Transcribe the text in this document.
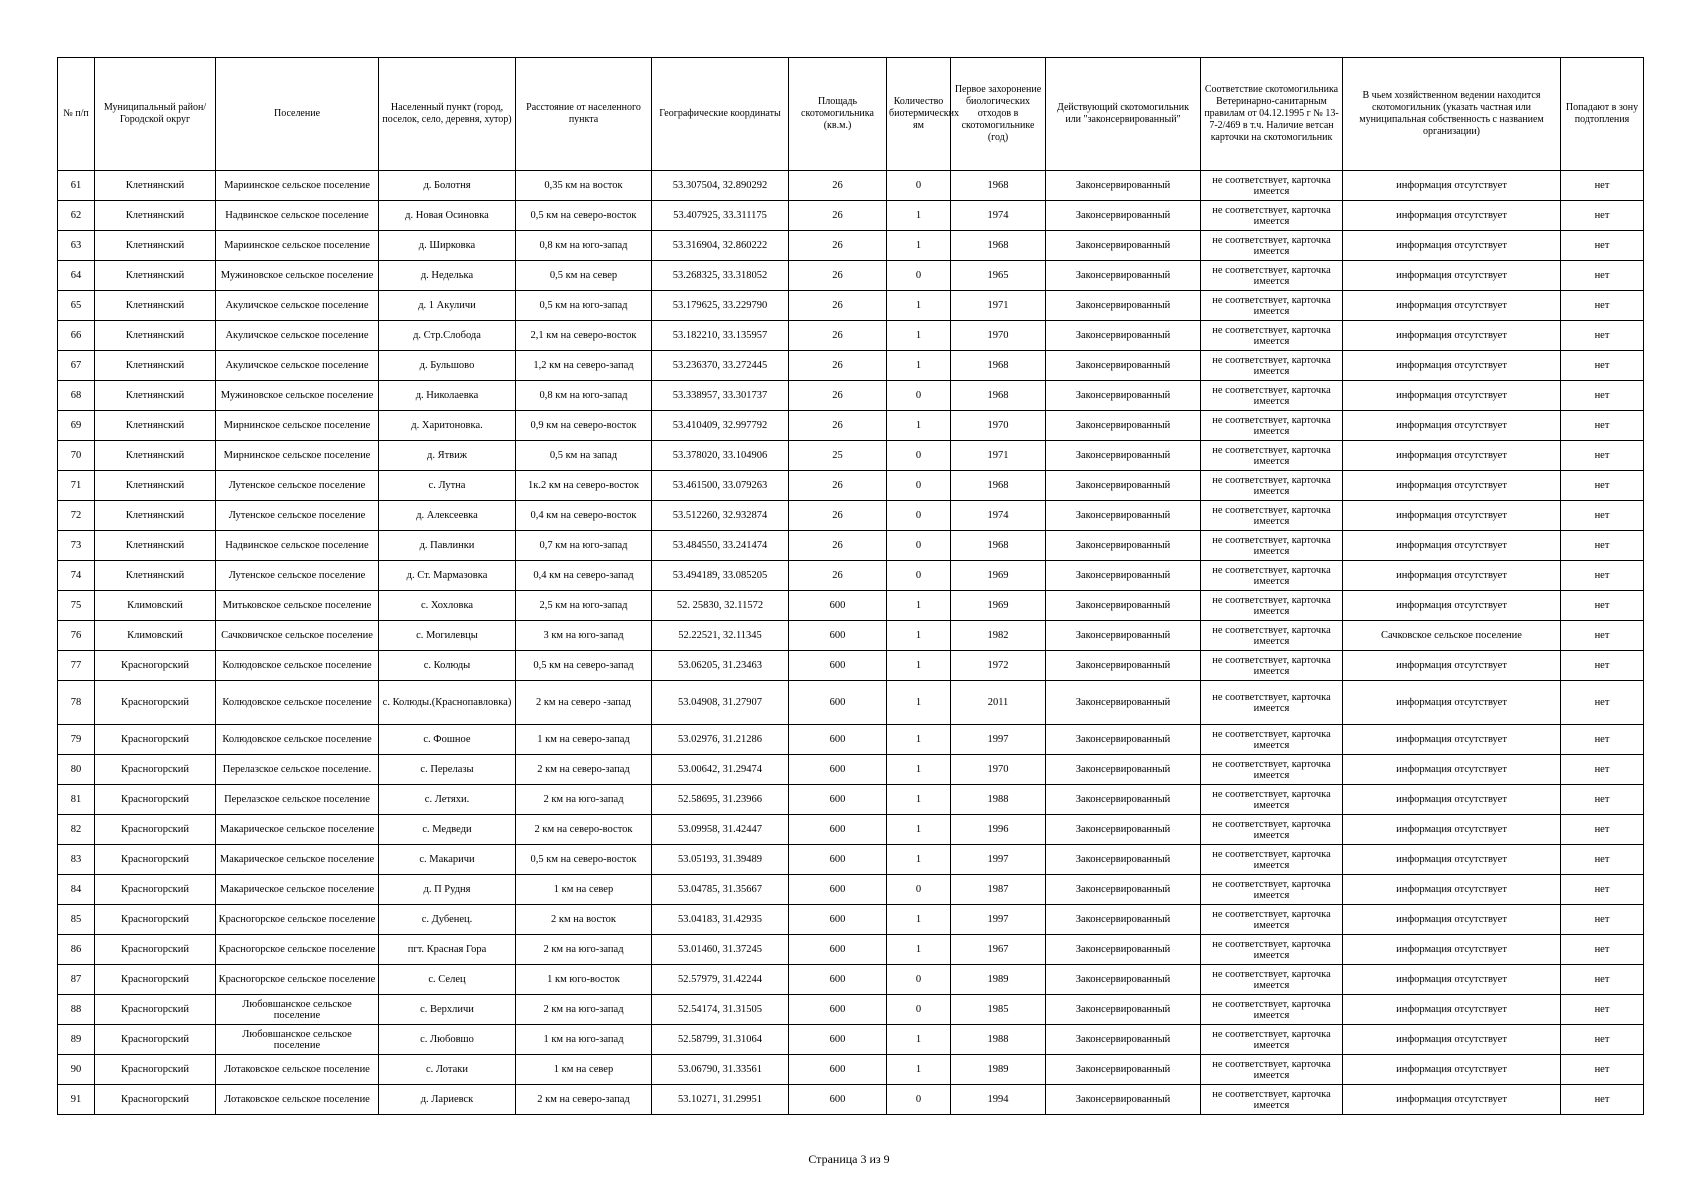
№ п/п	Муниципальный район/Городской округ	Поселение	Населенный пункт (город, поселок, село, деревня, хутор)	Расстояние от населенного пункта	Географические координаты	Площадь скотомогильника (кв.м.)	Количество биотермических ям	Первое захоронение биологических отходов в скотомогильнике (год)	Действующий скотомогильник или "законсервированный"	Соответствие скотомогильника Ветеринарно-санитарным правилам от 04.12.1995 г № 13-7-2/469 в т.ч. Наличие ветсан карточки на скотомогильник	В чьем хозяйственном ведении находится скотомогильник (указать частная или муниципальная собственность с названием организации)	Попадают в зону подтопления
61	Клетнянский	Мариинское сельское поселение	д. Болотня	0,35 км на восток	53.307504, 32.890292	26	0	1968	Законсервированный	не соответствует, карточка имеется	информация отсутствует	нет
62	Клетнянский	Надвинское сельское поселение	д. Новая Осиновка	0,5 км на северо-восток	53.407925, 33.311175	26	1	1974	Законсервированный	не соответствует, карточка имеется	информация отсутствует	нет
63	Клетнянский	Мариинское сельское поселение	д. Ширковка	0,8 км на юго-запад	53.316904, 32.860222	26	1	1968	Законсервированный	не соответствует, карточка имеется	информация отсутствует	нет
64	Клетнянский	Мужиновское сельское поселение	д. Неделька	0,5 км на север	53.268325, 33.318052	26	0	1965	Законсервированный	не соответствует, карточка имеется	информация отсутствует	нет
65	Клетнянский	Акуличское сельское поселение	д. 1 Акуличи	0,5 км на юго-запад	53.179625, 33.229790	26	1	1971	Законсервированный	не соответствует, карточка имеется	информация отсутствует	нет
66	Клетнянский	Акуличское сельское поселение	д. Стр.Слобода	2,1 км на северо-восток	53.182210, 33.135957	26	1	1970	Законсервированный	не соответствует, карточка имеется	информация отсутствует	нет
67	Клетнянский	Акуличское сельское поселение	д. Бульшово	1,2 км на северо-запад	53.236370, 33.272445	26	1	1968	Законсервированный	не соответствует, карточка имеется	информация отсутствует	нет
68	Клетнянский	Мужиновское сельское поселение	д. Николаевка	0,8 км на юго-запад	53.338957, 33.301737	26	0	1968	Законсервированный	не соответствует, карточка имеется	информация отсутствует	нет
69	Клетнянский	Мирнинское сельское поселение	д. Харитоновка.	0,9 км на северо-восток	53.410409, 32.997792	26	1	1970	Законсервированный	не соответствует, карточка имеется	информация отсутствует	нет
70	Клетнянский	Мирнинское сельское поселение	д. Ятвиж	0,5 км на запад	53.378020, 33.104906	25	0	1971	Законсервированный	не соответствует, карточка имеется	информация отсутствует	нет
71	Клетнянский	Лутенское сельское поселение	с. Лутна	1к.2 км на северо-восток	53.461500, 33.079263	26	0	1968	Законсервированный	не соответствует, карточка имеется	информация отсутствует	нет
72	Клетнянский	Лутенское сельское поселение	д. Алексеевка	0,4 км на северо-восток	53.512260, 32.932874	26	0	1974	Законсервированный	не соответствует, карточка имеется	информация отсутствует	нет
73	Клетнянский	Надвинское сельское поселение	д. Павлинки	0,7 км на юго-запад	53.484550, 33.241474	26	0	1968	Законсервированный	не соответствует, карточка имеется	информация отсутствует	нет
74	Клетнянский	Лутенское сельское поселение	д. Ст. Мармазовка	0,4 км на северо-запад	53.494189, 33.085205	26	0	1969	Законсервированный	не соответствует, карточка имеется	информация отсутствует	нет
75	Климовский	Митьковское сельское поселение	с. Хохловка	2,5 км на юго-запад	52. 25830, 32.11572	600	1	1969	Законсервированный	не соответствует, карточка имеется	информация отсутствует	нет
76	Климовский	Сачковичское сельское поселение	с. Могилевцы	3 км на юго-запад	52.22521, 32.11345	600	1	1982	Законсервированный	не соответствует, карточка имеется	Сачковское сельское поселение	нет
77	Красногорский	Колюдовское сельское поселение	с. Колюды	0,5 км на северо-запад	53.06205, 31.23463	600	1	1972	Законсервированный	не соответствует, карточка имеется	информация отсутствует	нет
78	Красногорский	Колюдовское сельское поселение	с. Колюды.(Краснопавловка)	2 км на северо -запад	53.04908, 31.27907	600	1	2011	Законсервированный	не соответствует, карточка имеется	информация отсутствует	нет
79	Красногорский	Колюдовское сельское поселение	с. Фошное	1 км на северо-запад	53.02976, 31.21286	600	1	1997	Законсервированный	не соответствует, карточка имеется	информация отсутствует	нет
80	Красногорский	Перелазское сельское поселение.	с. Перелазы	2 км на северо-запад	53.00642, 31.29474	600	1	1970	Законсервированный	не соответствует, карточка имеется	информация отсутствует	нет
81	Красногорский	Перелазское сельское поселение	с. Летяхи.	2 км на юго-запад	52.58695, 31.23966	600	1	1988	Законсервированный	не соответствует, карточка имеется	информация отсутствует	нет
82	Красногорский	Макарическое сельское поселение	с. Медведи	2 км на северо-восток	53.09958, 31.42447	600	1	1996	Законсервированный	не соответствует, карточка имеется	информация отсутствует	нет
83	Красногорский	Макарическое сельское поселение	с. Макаричи	0,5 км на северо-восток	53.05193, 31.39489	600	1	1997	Законсервированный	не соответствует, карточка имеется	информация отсутствует	нет
84	Красногорский	Макарическое сельское поселение	д. П Рудня	1 км на север	53.04785, 31.35667	600	0	1987	Законсервированный	не соответствует, карточка имеется	информация отсутствует	нет
85	Красногорский	Красногорское сельское поселение	с. Дубенец.	2 км на восток	53.04183, 31.42935	600	1	1997	Законсервированный	не соответствует, карточка имеется	информация отсутствует	нет
86	Красногорский	Красногорское сельское поселение	пгт. Красная Гора	2 км на юго-запад	53.01460, 31.37245	600	1	1967	Законсервированный	не соответствует, карточка имеется	информация отсутствует	нет
87	Красногорский	Красногорское сельское поселение	с. Селец	1 км юго-восток	52.57979, 31.42244	600	0	1989	Законсервированный	не соответствует, карточка имеется	информация отсутствует	нет
88	Красногорский	Любовшанское сельское поселение	с. Верхличи	2 км на юго-запад	52.54174, 31.31505	600	0	1985	Законсервированный	не соответствует, карточка имеется	информация отсутствует	нет
89	Красногорский	Любовшанское сельское поселение	с. Любовшо	1 км на юго-запад	52.58799, 31.31064	600	1	1988	Законсервированный	не соответствует, карточка имеется	информация отсутствует	нет
90	Красногорский	Лотаковское сельское поселение	с. Лотаки	1 км на север	53.06790, 31.33561	600	1	1989	Законсервированный	не соответствует, карточка имеется	информация отсутствует	нет
91	Красногорский	Лотаковское сельское поселение	д. Лариевск	2 км на северо-запад	53.10271, 31.29951	600	0	1994	Законсервированный	не соответствует, карточка имеется	информация отсутствует	нет
Страница 3 из 9
